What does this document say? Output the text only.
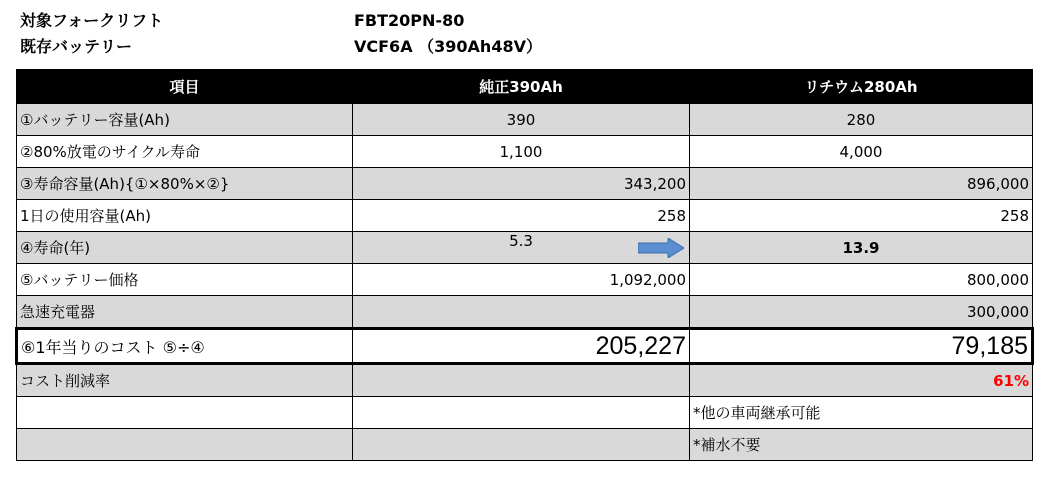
対象フォークリフト	FBT20PN-80
既存バッテリー	VCF6A （390Ah48V）
項目	純正390Ah	リチウム280Ah
①バッテリー容量(Ah)	390	280
②80%放電のサイクル寿命	1,100	4,000
③寿命容量(Ah){①×80%×②}	343,200	896,000
1日の使用容量(Ah)	258	258
④寿命(年)	5.3	13.9
⑤バッテリー価格	1,092,000	800,000
急速充電器		300,000
⑥1年当りのコスト ⑤÷④	205,227	79,185
コスト削減率		61%
		*他の車両継承可能
		*補水不要
